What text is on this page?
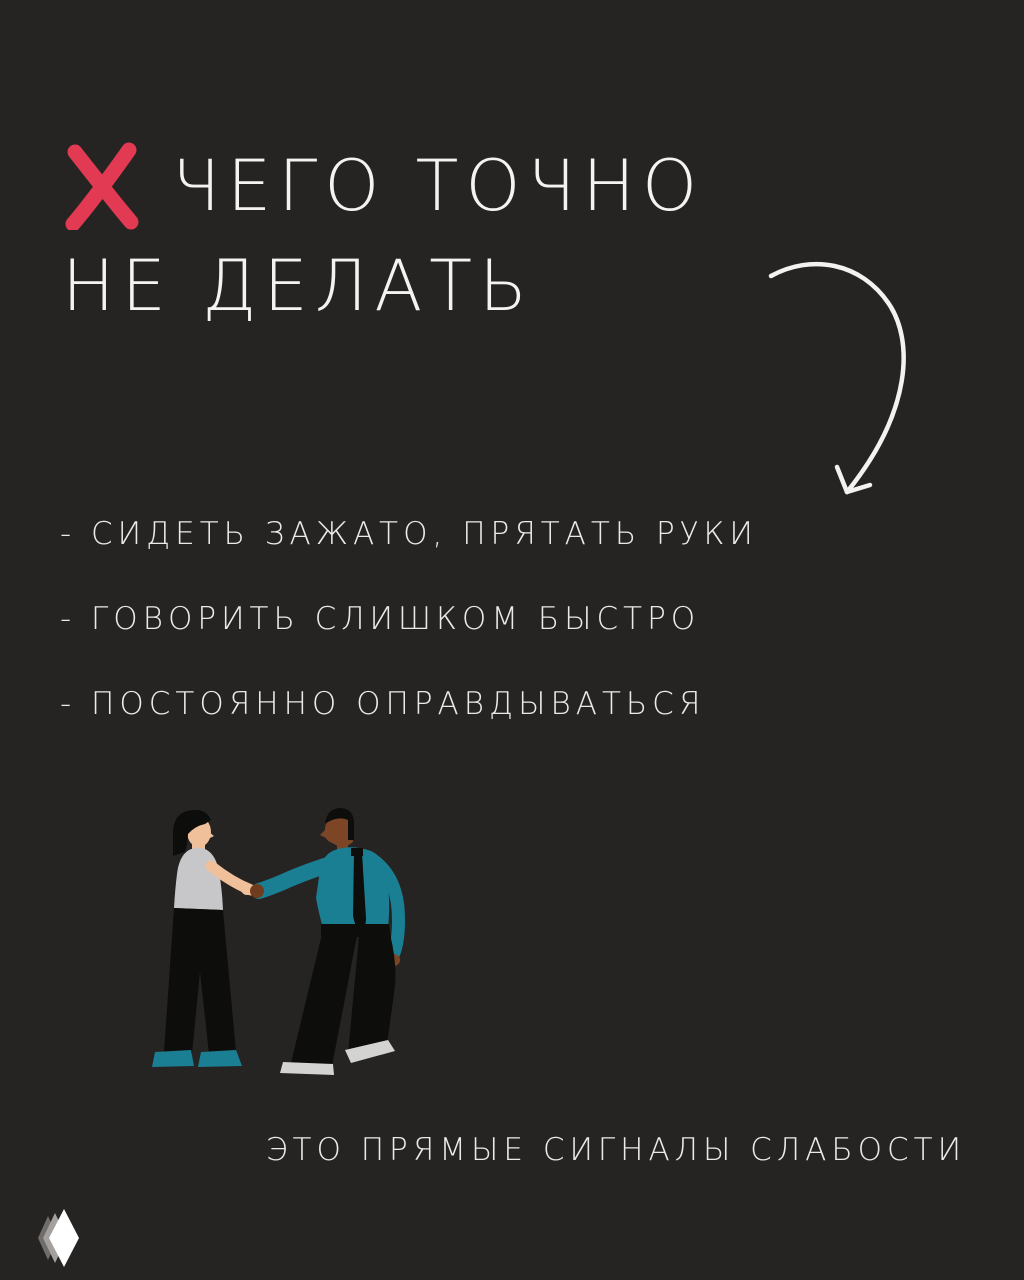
ЧЕГО ТОЧНО
НЕ ДЕЛАТЬ
- СИДЕТЬ ЗАЖАТО, ПРЯТАТЬ РУКИ
- ГОВОРИТЬ СЛИШКОМ БЫСТРО
- ПОСТОЯННО ОПРАВДЫВАТЬСЯ
ЭТО ПРЯМЫЕ СИГНАЛЫ СЛАБОСТИ
